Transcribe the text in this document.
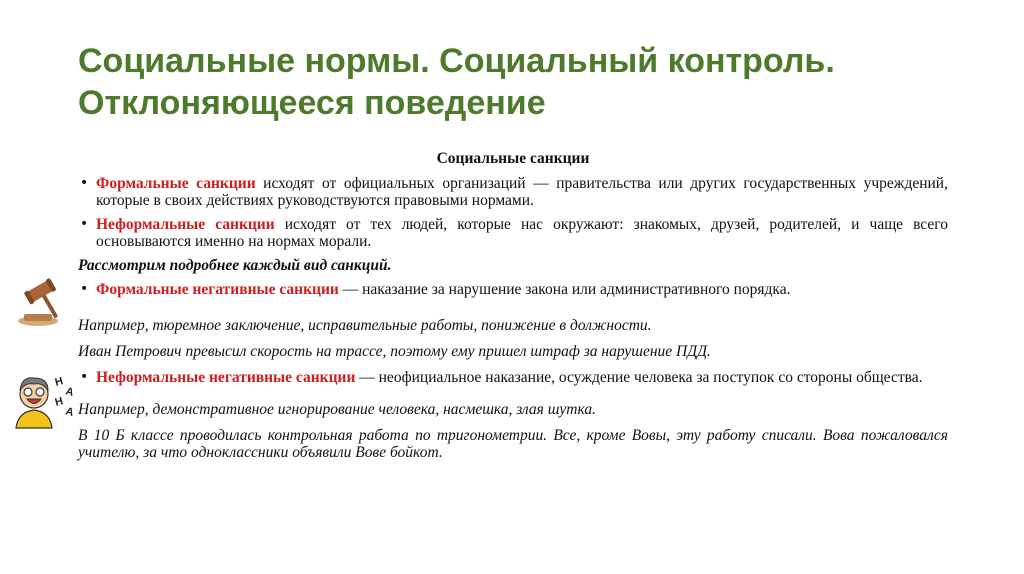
Социальные нормы. Социальный контроль. Отклоняющееся поведение
H
A
H
A
Социальные санкции
• Формальные санкции исходят от официальных организаций — правительства или других государственных учреждений, которые в своих действиях руководствуются правовыми нормами.
• Неформальные санкции исходят от тех людей, которые нас окружают: знакомых, друзей, родителей, и чаще всего основываются именно на нормах морали.
Рассмотрим подробнее каждый вид санкций.
• Формальные негативные санкции — наказание за нарушение закона или административного порядка.
Например, тюремное заключение, исправительные работы, понижение в должности.
Иван Петрович превысил скорость на трассе, поэтому ему пришел штраф за нарушение ПДД.
• Неформальные негативные санкции — неофициальное наказание, осуждение человека за поступок со стороны общества.
Например, демонстративное игнорирование человека, насмешка, злая шутка.
В 10 Б классе проводилась контрольная работа по тригонометрии. Все, кроме Вовы, эту работу списали. Вова пожаловался учителю, за что одноклассники объявили Вове бойкот.
